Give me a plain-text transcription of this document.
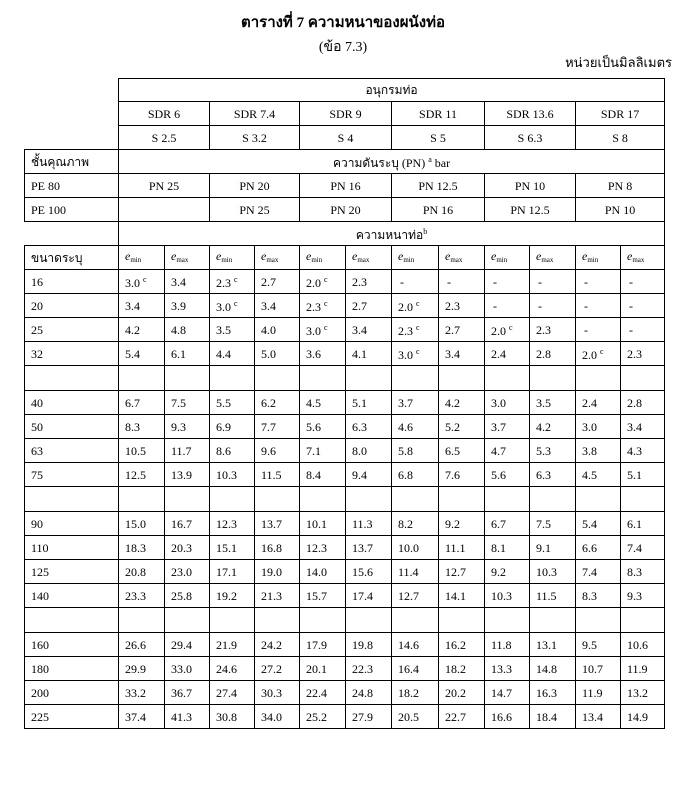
ตารางที่ 7 ความหนาของผนังท่อ
(ข้อ 7.3)
หน่วยเป็นมิลลิเมตร
	อนุกรมท่อ											
	SDR 6		SDR 7.4		SDR 9		SDR 11		SDR 13.6		SDR 17	
	S 2.5		S 3.2		S 4		S 5		S 6.3		S 8	
ชั้นคุณภาพ	ความดันระบุ (PN) $^a$ bar											
PE 80	PN 25		PN 20		PN 16		PN 12.5		PN 10		PN 8	
PE 100			PN 25		PN 20		PN 16		PN 12.5		PN 10	
	ความหนาท่อ$^b$
ขนาดระบุ	$e_{min}$	$e_{max}$	$e_{min}$	$e_{max}$	$e_{min}$	$e_{max}$	$e_{min}$	$e_{max}$	$e_{min}$	$e_{max}$	$e_{min}$	$e_{max}$
16	3.0 $^c$	3.4	2.3 $^c$	2.7	2.0 $^c$	2.3	-	-	-	-	-	-
20	3.4	3.9	3.0 $^c$	3.4	2.3 $^c$	2.7	2.0 $^c$	2.3	-	-	-	-
25	4.2	4.8	3.5	4.0	3.0 $^c$	3.4	2.3 $^c$	2.7	2.0 $^c$	2.3	-	-
32	5.4	6.1	4.4	5.0	3.6	4.1	3.0 $^c$	3.4	2.4	2.8	2.0 $^c$	2.3

40	6.7	7.5	5.5	6.2	4.5	5.1	3.7	4.2	3.0	3.5	2.4	2.8
50	8.3	9.3	6.9	7.7	5.6	6.3	4.6	5.2	3.7	4.2	3.0	3.4
63	10.5	11.7	8.6	9.6	7.1	8.0	5.8	6.5	4.7	5.3	3.8	4.3
75	12.5	13.9	10.3	11.5	8.4	9.4	6.8	7.6	5.6	6.3	4.5	5.1

90	15.0	16.7	12.3	13.7	10.1	11.3	8.2	9.2	6.7	7.5	5.4	6.1
110	18.3	20.3	15.1	16.8	12.3	13.7	10.0	11.1	8.1	9.1	6.6	7.4
125	20.8	23.0	17.1	19.0	14.0	15.6	11.4	12.7	9.2	10.3	7.4	8.3
140	23.3	25.8	19.2	21.3	15.7	17.4	12.7	14.1	10.3	11.5	8.3	9.3

160	26.6	29.4	21.9	24.2	17.9	19.8	14.6	16.2	11.8	13.1	9.5	10.6
180	29.9	33.0	24.6	27.2	20.1	22.3	16.4	18.2	13.3	14.8	10.7	11.9
200	33.2	36.7	27.4	30.3	22.4	24.8	18.2	20.2	14.7	16.3	11.9	13.2
225	37.4	41.3	30.8	34.0	25.2	27.9	20.5	22.7	16.6	18.4	13.4	14.9
